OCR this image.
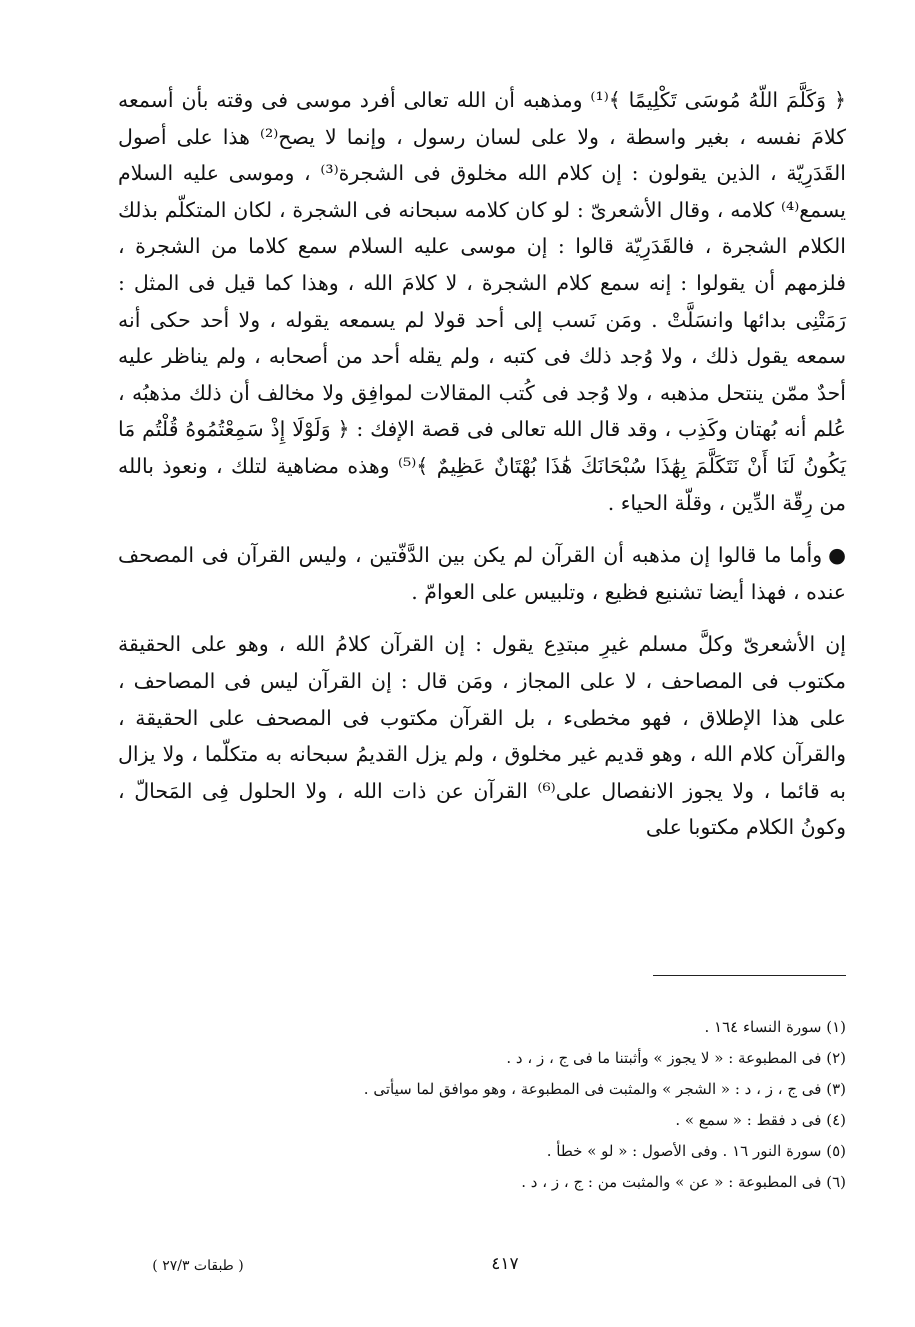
﴿ وَكَلَّمَ اللّهُ مُوسَى تَكْلِيمًا ﴾⁽¹⁾ ومذهبه أن الله تعالى أفرد موسى فى وقته بأن أسمعه كلامَ نفسه ، بغير واسطة ، ولا على لسان رسول ، وإنما لا يصح⁽²⁾ هذا على أصول القَدَرِيّة ، الذين يقولون : إن كلام الله مخلوق فى الشجرة⁽³⁾ ، وموسى عليه السلام يسمع⁽⁴⁾ كلامه ، وقال الأشعرىّ : لو كان كلامه سبحانه فى الشجرة ، لكان المتكلّم بذلك الكلام الشجرة ، فالقَدَرِيّة قالوا : إن موسى عليه السلام سمع كلاما من الشجرة ، فلزمهم أن يقولوا : إنه سمع كلام الشجرة ، لا كلامَ الله ، وهذا كما قيل فى المثل : رَمَتْنِى بدائها وانسَلَّتْ . ومَن نَسب إلى أحد قولا لم يسمعه يقوله ، ولا أحد حكى أنه سمعه يقول ذلك ، ولا وُجد ذلك فى كتبه ، ولم يقله أحد من أصحابه ، ولم يناظر عليه أحدٌ ممّن ينتحل مذهبه ، ولا وُجد فى كُتب المقالات لموافِق ولا مخالف أن ذلك مذهبُه ، عُلم أنه بُهتان وكَذِب ، وقد قال الله تعالى فى قصة الإفك : ﴿ وَلَوْلَا إِذْ سَمِعْتُمُوهُ قُلْتُم مَا يَكُونُ لَنَا أَنْ نَتَكَلَّمَ بِهَٰذَا سُبْحَانَكَ هَٰذَا بُهْتَانٌ عَظِيمٌ ﴾⁽⁵⁾ وهذه مضاهية لتلك ، ونعوذ بالله من رِقّة الدِّين ، وقلّة الحياء .

●وأما ما قالوا إن مذهبه أن القرآن لم يكن بين الدَّفّتين ، وليس القرآن فى المصحف عنده ، فهذا أيضا تشنيع فظيع ، وتلبيس على العوامّ .

إن الأشعرىّ وكلَّ مسلم غيرِ مبتدِع يقول : إن القرآن كلامُ الله ، وهو على الحقيقة مكتوب فى المصاحف ، لا على المجاز ، ومَن قال : إن القرآن ليس فى المصاحف ، على هذا الإطلاق ، فهو مخطىء ، بل القرآن مكتوب فى المصحف على الحقيقة ، والقرآن كلام الله ، وهو قديم غير مخلوق ، ولم يزل القديمُ سبحانه به متكلّما ، ولا يزال به قائما ، ولا يجوز الانفصال على⁽⁶⁾ القرآن عن ذات الله ، ولا الحلول فِى المَحالّ ، وكونُ الكلام مكتوبا على

(١) سورة النساء ١٦٤ .
(٢) فى المطبوعة : « لا يجوز » وأثبتنا ما فى ج ، ز ، د .
(٣) فى ج ، ز ، د : « الشجر » والمثبت فى المطبوعة ، وهو موافق لما سيأتى .
(٤) فى د فقط : « سمع » .
(٥) سورة النور ١٦ . وفى الأصول : « لو » خطأ .
(٦) فى المطبوعة : « عن » والمثبت من : ج ، ز ، د .
٤١٧
( طبقات ٢٧/٣ )
